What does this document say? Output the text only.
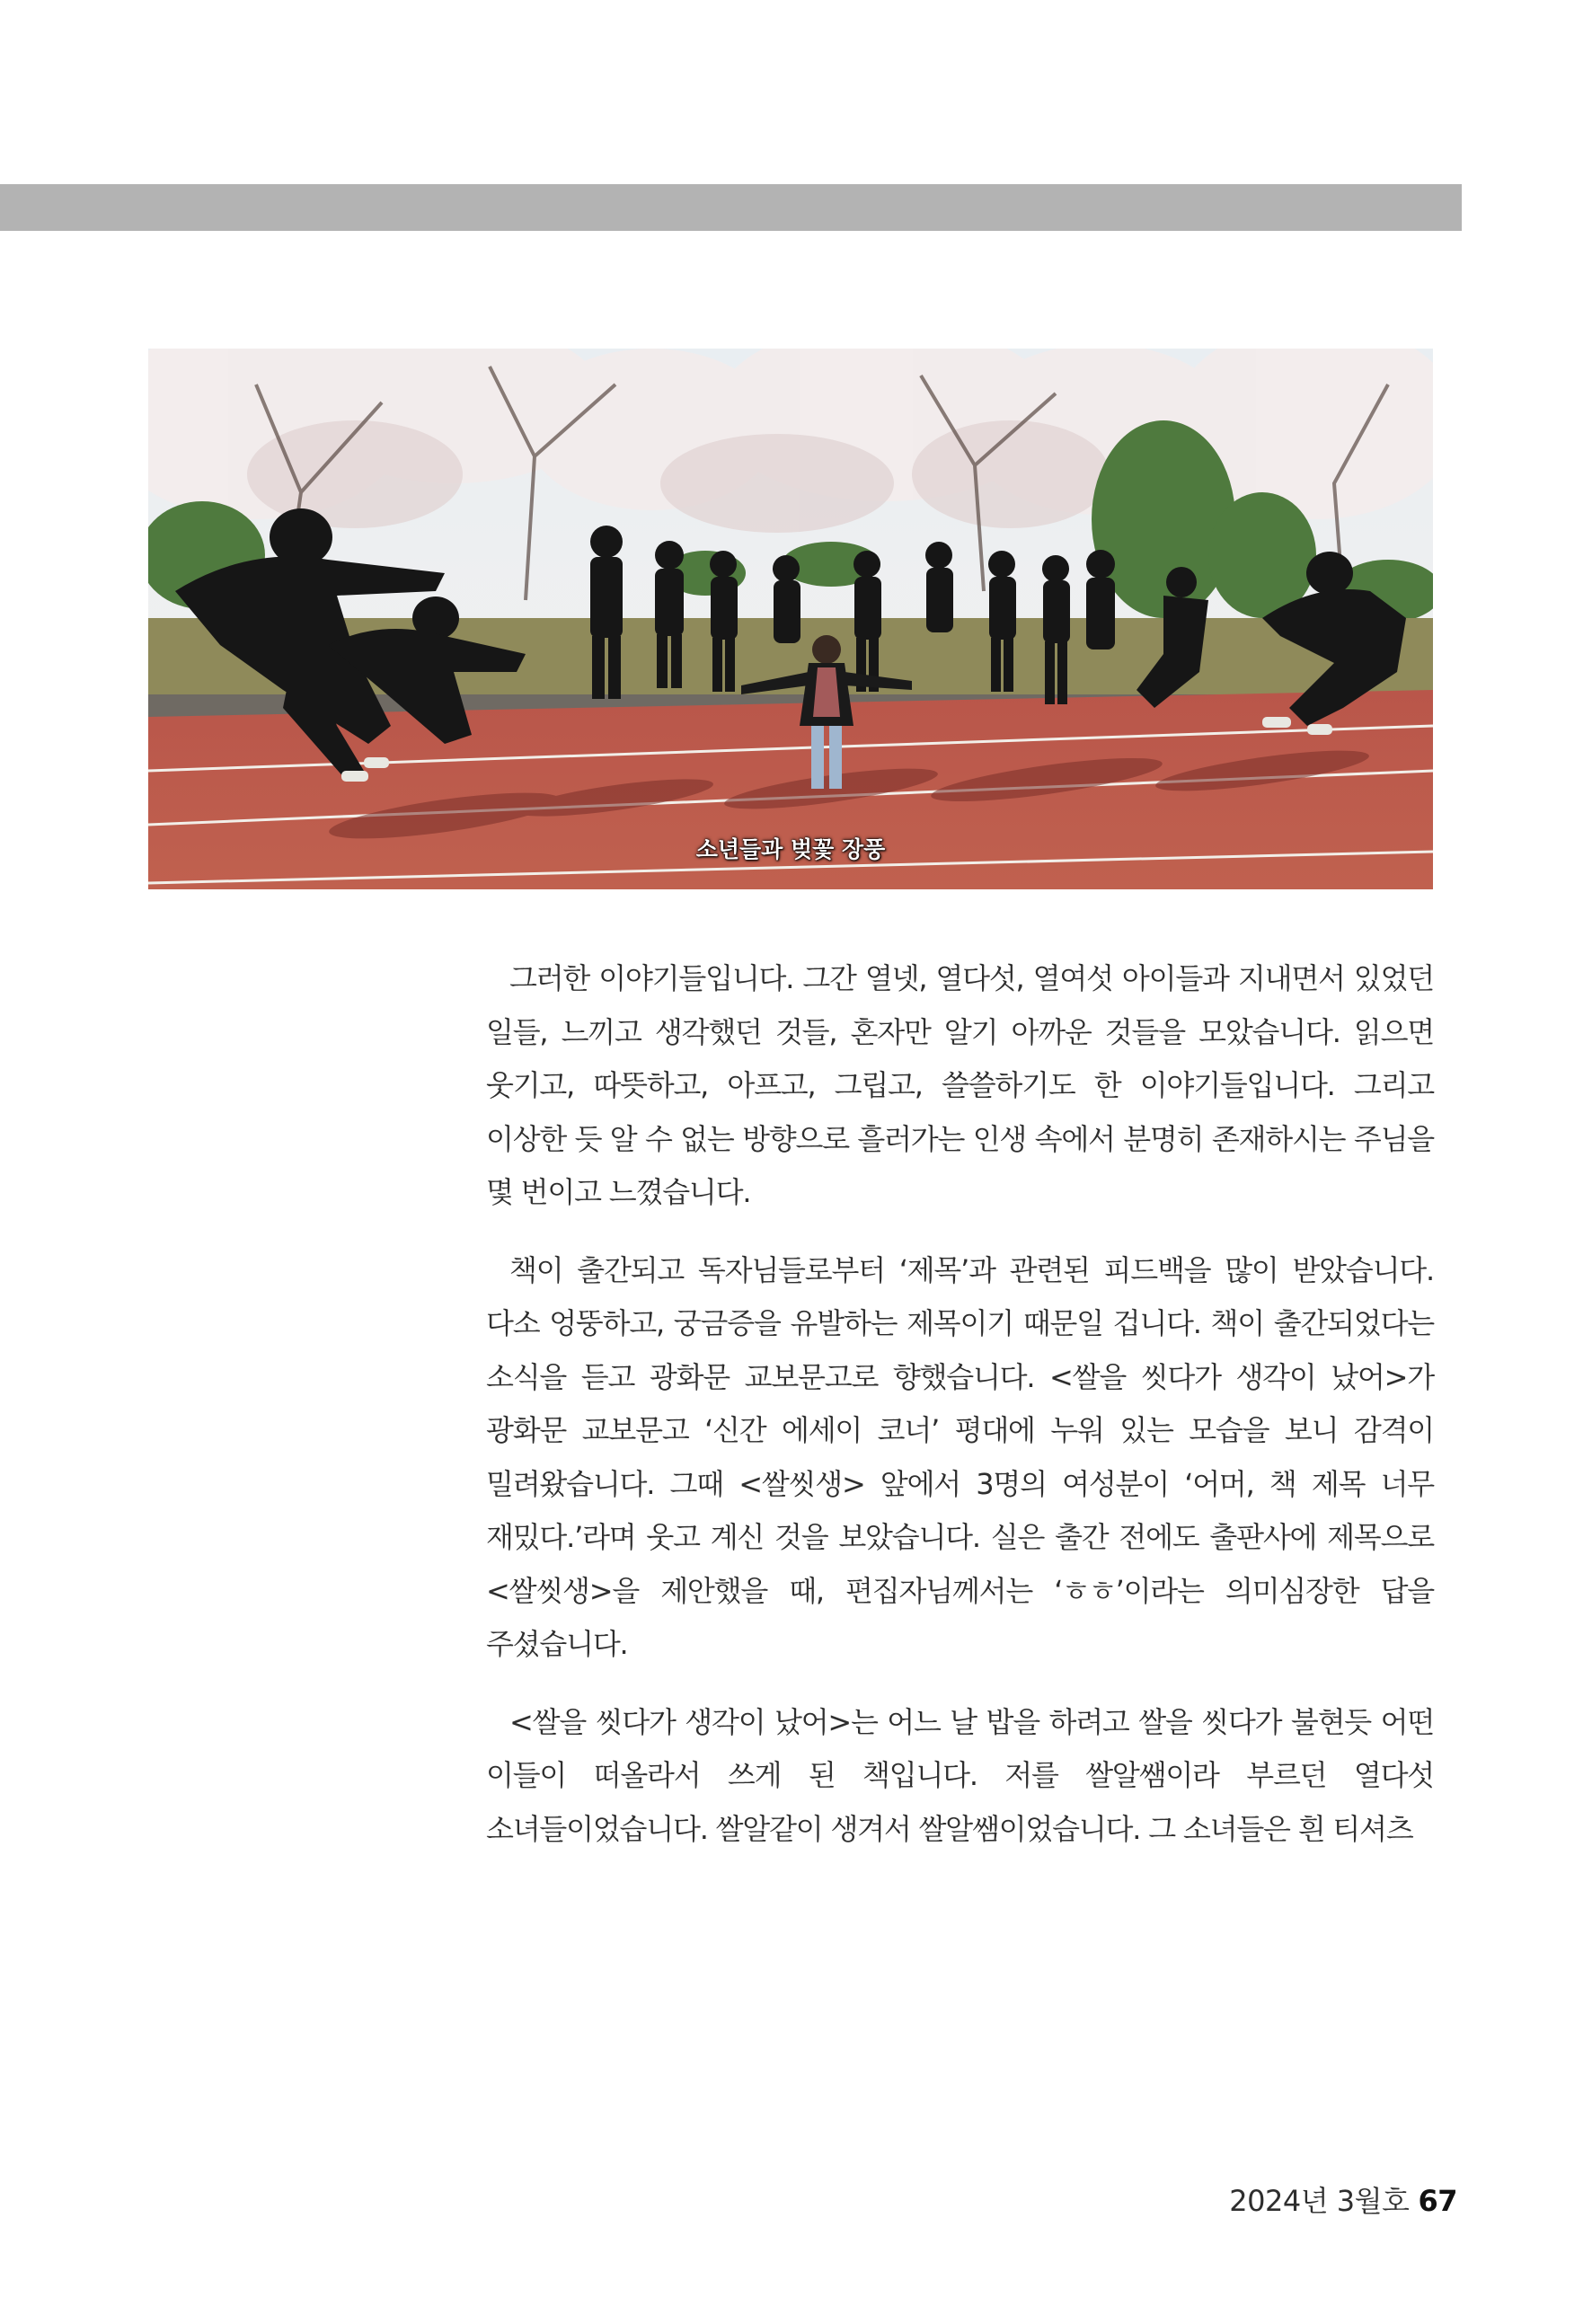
소년들과 벚꽃 장풍

그러한 이야기들입니다. 그간 열넷, 열다섯, 열여섯 아이들과 지내면서 있었던 일들, 느끼고 생각했던 것들, 혼자만 알기 아까운 것들을 모았습니다. 읽으면 웃기고, 따뜻하고, 아프고, 그립고, 쓸쓸하기도 한 이야기들입니다. 그리고 이상한 듯 알 수 없는 방향으로 흘러가는 인생 속에서 분명히 존재하시는 주님을 몇 번이고 느꼈습니다.

책이 출간되고 독자님들로부터 ‘제목’과 관련된 피드백을 많이 받았습니다. 다소 엉뚱하고, 궁금증을 유발하는 제목이기 때문일 겁니다. 책이 출간되었다는 소식을 듣고 광화문 교보문고로 향했습니다. <쌀을 씻다가 생각이 났어>가 광화문 교보문고 ‘신간 에세이 코너’ 평대에 누워 있는 모습을 보니 감격이 밀려왔습니다. 그때 <쌀씻생> 앞에서 3명의 여성분이 ‘어머, 책 제목 너무 재밌다.’라며 웃고 계신 것을 보았습니다. 실은 출간 전에도 출판사에 제목으로 <쌀씻생>을 제안했을 때, 편집자님께서는 ‘ㅎㅎ’이라는 의미심장한 답을 주셨습니다.

<쌀을 씻다가 생각이 났어>는 어느 날 밥을 하려고 쌀을 씻다가 불현듯 어떤 이들이 떠올라서 쓰게 된 책입니다. 저를 쌀알쌤이라 부르던 열다섯 소녀들이었습니다. 쌀알같이 생겨서 쌀알쌤이었습니다. 그 소녀들은 흰 티셔츠

2024년 3월호 67
